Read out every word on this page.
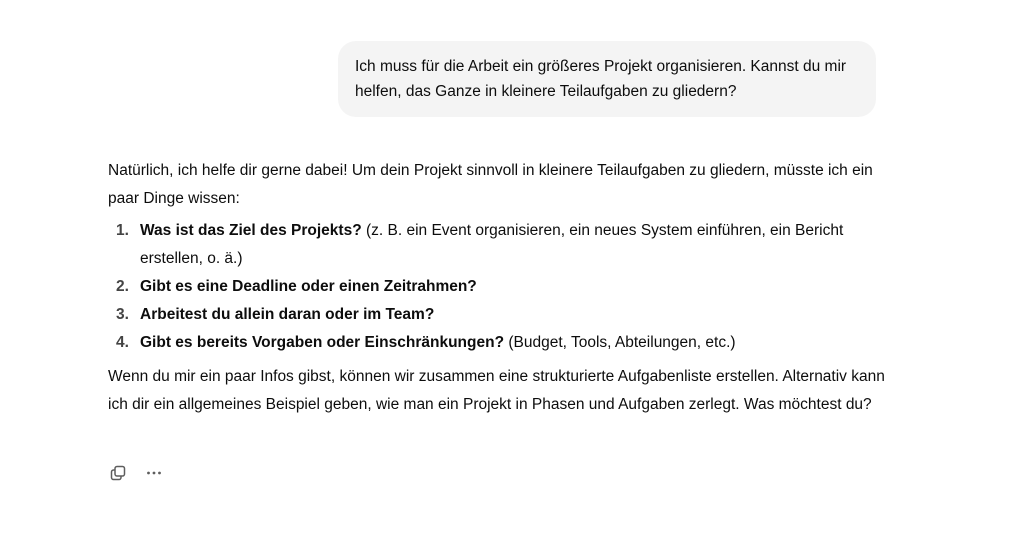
Ich muss für die Arbeit ein größeres Projekt organisieren. Kannst du mir helfen, das Ganze in kleinere Teilaufgaben zu gliedern?

Natürlich, ich helfe dir gerne dabei! Um dein Projekt sinnvoll in kleinere Teilaufgaben zu gliedern, müsste ich ein paar Dinge wissen:

1. Was ist das Ziel des Projekts? (z. B. ein Event organisieren, ein neues System einführen, ein Bericht erstellen, o. ä.)
2. Gibt es eine Deadline oder einen Zeitrahmen?
3. Arbeitest du allein daran oder im Team?
4. Gibt es bereits Vorgaben oder Einschränkungen? (Budget, Tools, Abteilungen, etc.)

Wenn du mir ein paar Infos gibst, können wir zusammen eine strukturierte Aufgabenliste erstellen. Alternativ kann ich dir ein allgemeines Beispiel geben, wie man ein Projekt in Phasen und Aufgaben zerlegt. Was möchtest du?
